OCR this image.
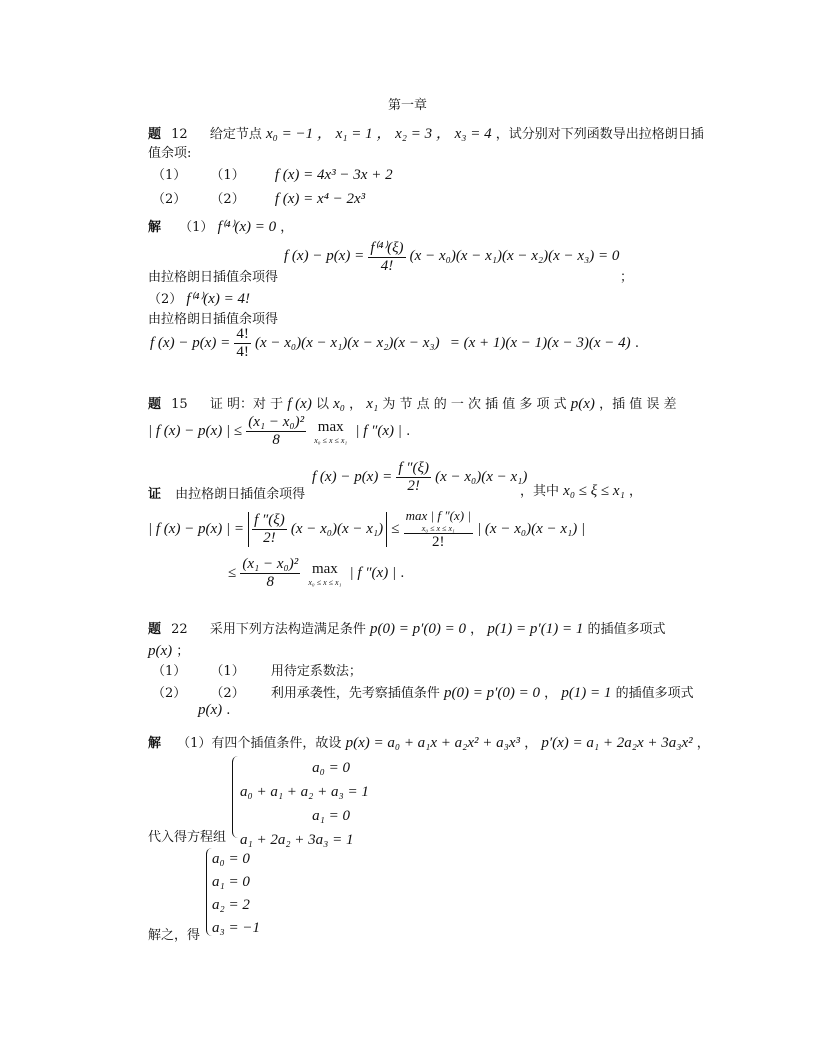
第一章
题 12 给定节点 x₀ = −1 ， x₁ = 1 ， x₂ = 3 ， x₃ = 4 ，试分别对下列函数导出拉格朗日插
值余项:
（1） （1） f (x) = 4x³ − 3x + 2
（2） （2） f (x) = x⁴ − 2x³
解 （1） f⁽⁴⁾(x) = 0 ，
f $(x) - p(x) = \frac{\text{f⁽⁴⁾(ξ)}}{4!} (x - x_0)(x - x_1)(x - x_2)(x - x_3) = 0$
由拉格朗日插值余项得	；
（2） f⁽⁴⁾(x) = 4!
由拉格朗日插值余项得
f $(x) - p(x) = \frac{4!}{4!} (x - x_0)(x - x_1)(x - x_2)(x - x_3) = (x + 1)(x - 1)(x - 3)(x - 4)$ .
题 15 证 明：对 于 f (x) 以 x₀ ， x₁ 为 节 点 的 一 次 插 值 多 项 式 p(x) ，插 值 误 差
| f (x) − p(x) | ≤ $\frac{\text{(x₁ − x₀)²}}{8}$
max
x₀ ≤ x ≤ x₁
| f ″(x) | .
f $(x) - p(x) = \frac{f ''(\xi)}{2!} (x - x_0)(x - x_1)$
证 由拉格朗日插值余项得	，其中 x₀ ≤ ξ ≤ x₁ ，
| f (x) − p(x) | = $\frac{f ''(\xi)}{2!} (x - x_0)(x - x_1) \le \max$ | f ″(x) |
x₀ ≤ x ≤ x₁
2! | (x − x₀)(x − x₁) |
≤ $\frac{\text{(x₁ − x₀)²}}{8}$
max
x₀ ≤ x ≤ x₁
| f ″(x) | .
题 22 采用下列方法构造满足条件 p(0) = p′(0) = 0 ， p(1) = p′(1) = 1 的插值多项式
p(x) ；
（1） （1） 用待定系数法；
（2） （2） 利用承袭性，先考察插值条件 p(0) = p′(0) = 0 ， p(1) = 1 的插值多项式
p(x) .
解 （1）有四个插值条件，故设 p(x) = a₀ + a₁x + a₂x² + a₃x³ ， p′(x) = a₁ + 2a₂x + 3a₃x² ，
a₀ = 0
a₀ + a₁ + a₂ + a₃ = 1
a₁ = 0
a₁ + 2a₂ + 3a₃ = 1
代入得方程组
a₀ = 0
a₁ = 0
a₂ = 2
a₃ = −1
解之，得
